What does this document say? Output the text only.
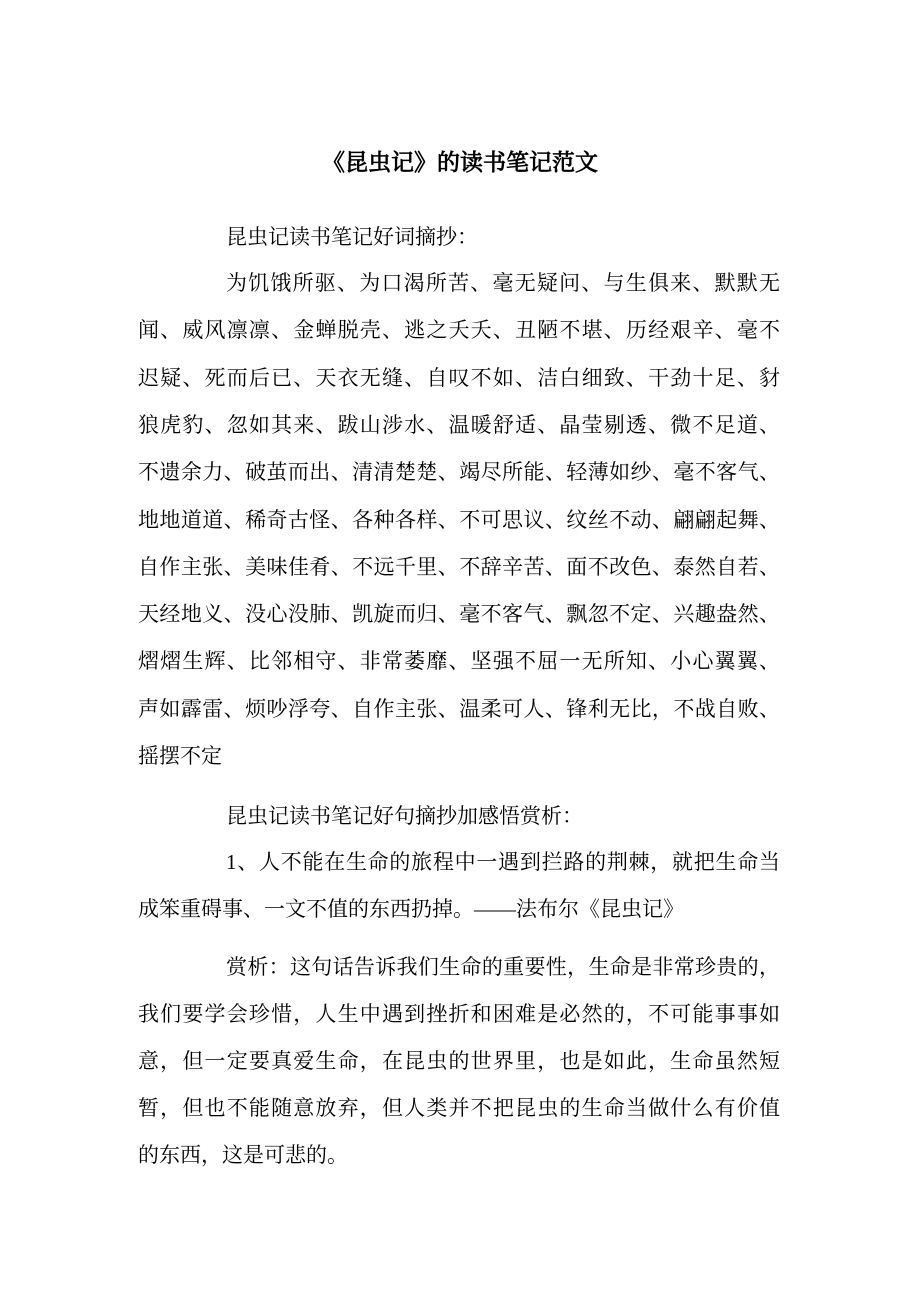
《昆虫记》的读书笔记范文
昆虫记读书笔记好词摘抄：
为饥饿所驱、为口渴所苦、毫无疑问、与生俱来、默默无
闻、威风凛凛、金蝉脱壳、逃之夭夭、丑陋不堪、历经艰辛、毫不
迟疑、死而后已、天衣无缝、自叹不如、洁白细致、干劲十足、豺
狼虎豹、忽如其来、跋山涉水、温暖舒适、晶莹剔透、微不足道、
不遗余力、破茧而出、清清楚楚、竭尽所能、轻薄如纱、毫不客气、
地地道道、稀奇古怪、各种各样、不可思议、纹丝不动、翩翩起舞、
自作主张、美味佳肴、不远千里、不辞辛苦、面不改色、泰然自若、
天经地义、没心没肺、凯旋而归、毫不客气、飘忽不定、兴趣盎然、
熠熠生辉、比邻相守、非常萎靡、坚强不屈一无所知、小心翼翼、
声如霹雷、烦吵浮夸、自作主张、温柔可人、锋利无比，不战自败、
摇摆不定
昆虫记读书笔记好句摘抄加感悟赏析：
1、人不能在生命的旅程中一遇到拦路的荆棘，就把生命当
成笨重碍事、一文不值的东西扔掉。——法布尔《昆虫记》
赏析：这句话告诉我们生命的重要性，生命是非常珍贵的，
我们要学会珍惜，人生中遇到挫折和困难是必然的，不可能事事如
意，但一定要真爱生命，在昆虫的世界里，也是如此，生命虽然短
暂，但也不能随意放弃，但人类并不把昆虫的生命当做什么有价值
的东西，这是可悲的。
